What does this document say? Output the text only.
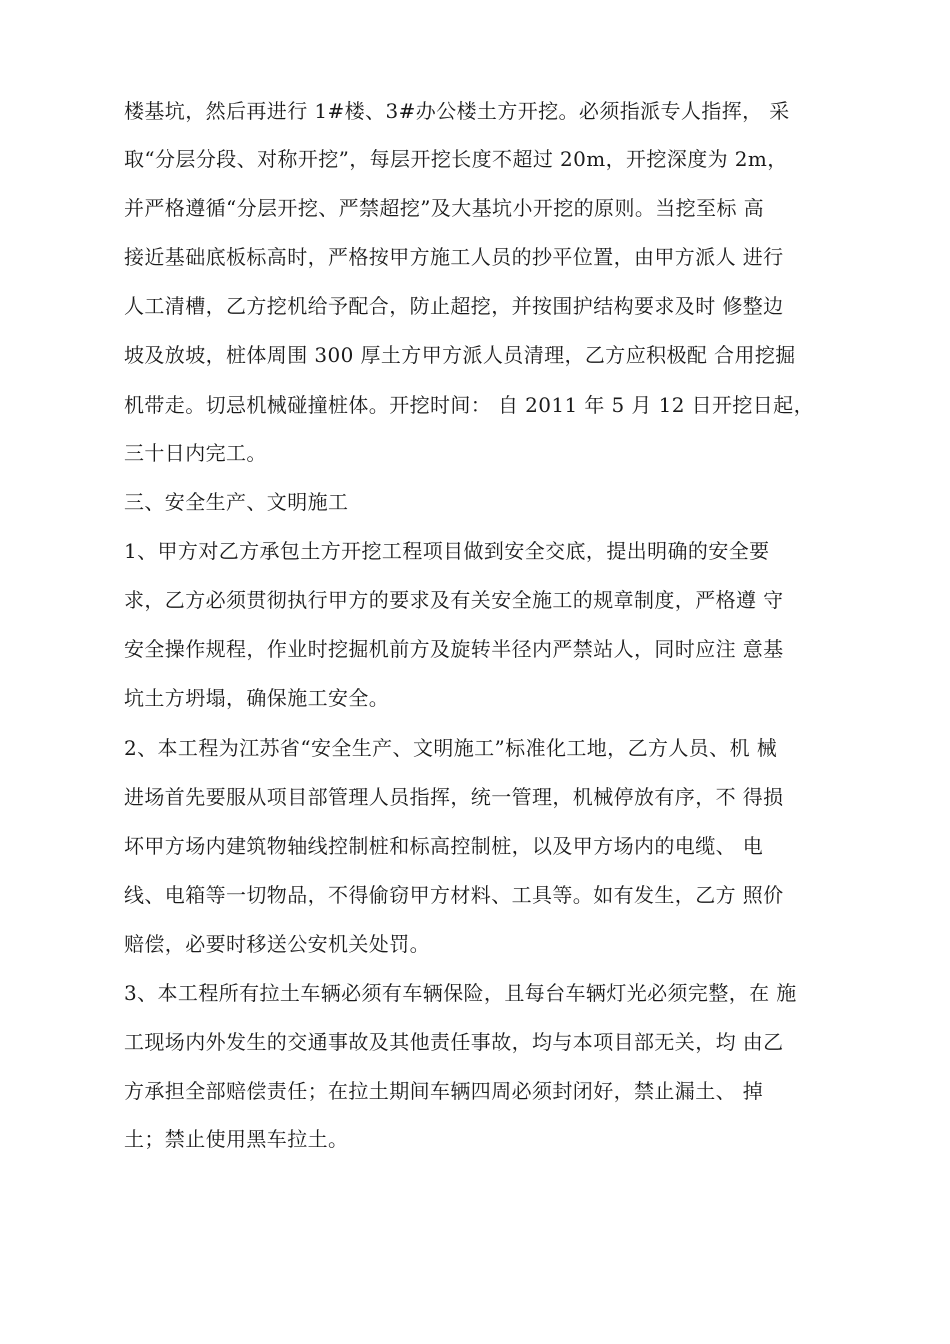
楼基坑，然后再进行 1#楼、3#办公楼土方开挖。必须指派专人指挥， 采
取“分层分段、对称开挖”，每层开挖长度不超过 20m，开挖深度为 2m，
并严格遵循“分层开挖、严禁超挖”及大基坑小开挖的原则。当挖至标 高
接近基础底板标高时，严格按甲方施工人员的抄平位置，由甲方派人 进行
人工清槽，乙方挖机给予配合，防止超挖，并按围护结构要求及时 修整边
坡及放坡，桩体周围 300 厚土方甲方派人员清理，乙方应积极配 合用挖掘
机带走。切忌机械碰撞桩体。开挖时间： 自 2011 年 5 月 12 日开挖日起，
三十日内完工。
三、安全生产、文明施工
1、甲方对乙方承包土方开挖工程项目做到安全交底，提出明确的安全要
求，乙方必须贯彻执行甲方的要求及有关安全施工的规章制度，严格遵 守
安全操作规程，作业时挖掘机前方及旋转半径内严禁站人，同时应注 意基
坑土方坍塌，确保施工安全。
2、本工程为江苏省“安全生产、文明施工”标准化工地，乙方人员、机 械
进场首先要服从项目部管理人员指挥，统一管理，机械停放有序，不 得损
坏甲方场内建筑物轴线控制桩和标高控制桩，以及甲方场内的电缆、 电
线、电箱等一切物品，不得偷窃甲方材料、工具等。如有发生，乙方 照价
赔偿，必要时移送公安机关处罚。
3、本工程所有拉土车辆必须有车辆保险，且每台车辆灯光必须完整，在 施
工现场内外发生的交通事故及其他责任事故，均与本项目部无关，均 由乙
方承担全部赔偿责任；在拉土期间车辆四周必须封闭好，禁止漏土、 掉
土；禁止使用黑车拉土。
